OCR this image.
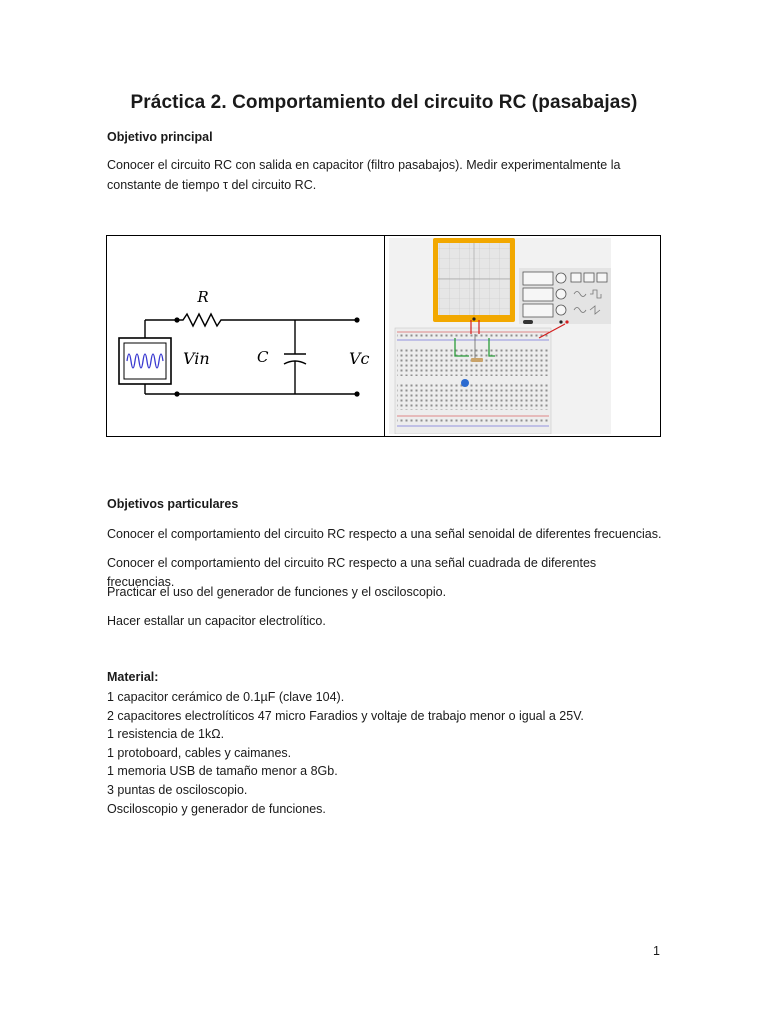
Práctica 2. Comportamiento del circuito RC (pasabajas)
Objetivo principal
Conocer el circuito RC con salida en capacitor (filtro pasabajos). Medir experimentalmente la
constante de tiempo τ del circuito RC.
R
Vin	C	Vc
Objetivos particulares
Conocer el comportamiento del circuito RC respecto a una señal senoidal de diferentes frecuencias.
Conocer el comportamiento del circuito RC respecto a una señal cuadrada de diferentes frecuencias.
Practicar el uso del generador de funciones y el osciloscopio.
Hacer estallar un capacitor electrolítico.
Material:
1 capacitor cerámico de 0.1µF (clave 104).
2 capacitores electrolíticos 47 micro Faradios y voltaje de trabajo menor o igual a 25V.
1 resistencia de 1kΩ.
1 protoboard, cables y caimanes.
1 memoria USB de tamaño menor a 8Gb.
3 puntas de osciloscopio.
Osciloscopio y generador de funciones.
1
